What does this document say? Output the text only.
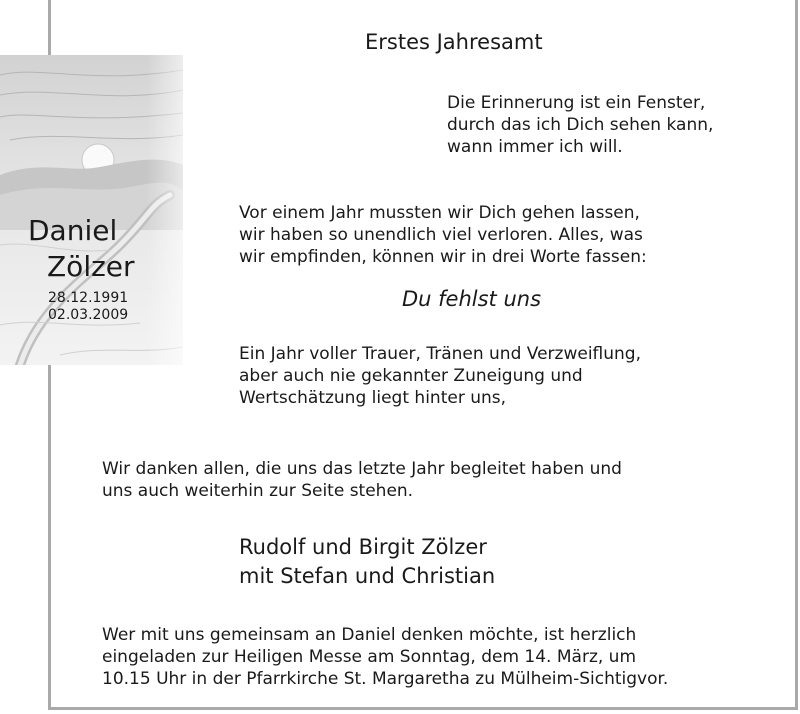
Erstes Jahresamt

Die Erinnerung ist ein Fenster,
durch das ich Dich sehen kann,
wann immer ich will.

Daniel

Zölzer

28.12.1991
02.03.2009

Vor einem Jahr mussten wir Dich gehen lassen,
wir haben so unendlich viel verloren. Alles, was
wir empfinden, können wir in drei Worte fassen:

Du fehlst uns

Ein Jahr voller Trauer, Tränen und Verzweiflung,
aber auch nie gekannter Zuneigung und
Wertschätzung liegt hinter uns,

Wir danken allen, die uns das letzte Jahr begleitet haben und
uns auch weiterhin zur Seite stehen.

Rudolf und Birgit Zölzer
mit Stefan und Christian

Wer mit uns gemeinsam an Daniel denken möchte, ist herzlich
eingeladen zur Heiligen Messe am Sonntag, dem 14. März, um
10.15 Uhr in der Pfarrkirche St. Margaretha zu Mülheim-Sichtigvor.
